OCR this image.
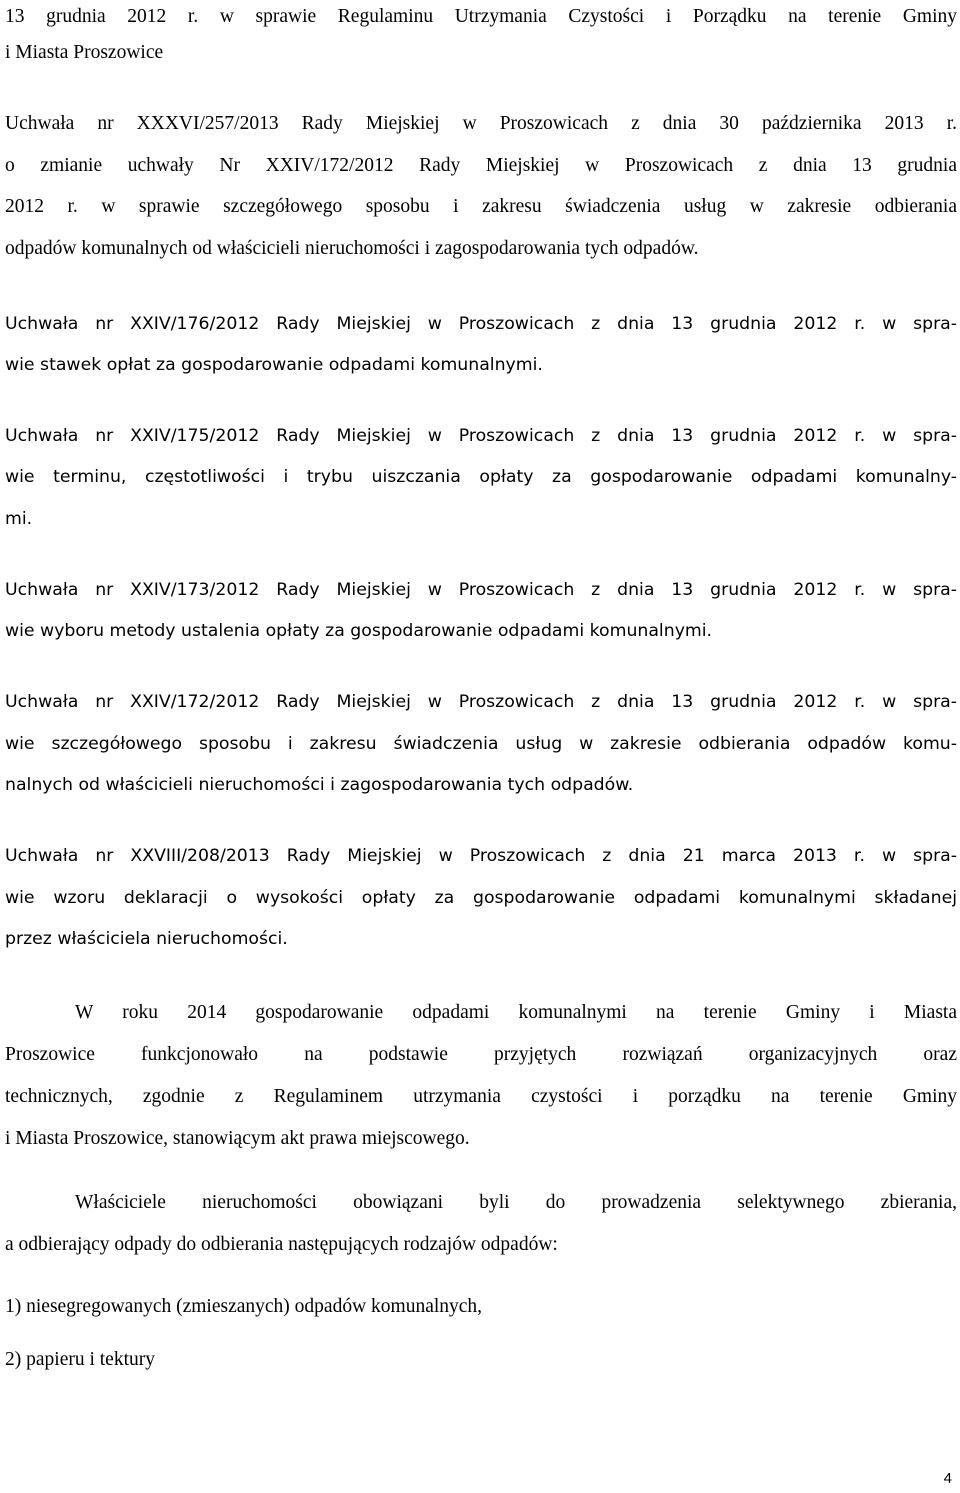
13 grudnia 2012 r. w sprawie Regulaminu Utrzymania Czystości i Porządku na terenie Gminy
i Miasta Proszowice
Uchwała nr XXXVI/257/2013 Rady Miejskiej w Proszowicach z dnia 30 października 2013 r.
o zmianie uchwały Nr XXIV/172/2012 Rady Miejskiej w Proszowicach z dnia 13 grudnia
2012 r. w sprawie szczegółowego sposobu i zakresu świadczenia usług w zakresie odbierania
odpadów komunalnych od właścicieli nieruchomości i zagospodarowania tych odpadów.
Uchwała nr XXIV/176/2012 Rady Miejskiej w Proszowicach z dnia 13 grudnia 2012 r. w spra-
wie stawek opłat za gospodarowanie odpadami komunalnymi.
Uchwała nr XXIV/175/2012 Rady Miejskiej w Proszowicach z dnia 13 grudnia 2012 r. w spra-
wie terminu, częstotliwości i trybu uiszczania opłaty za gospodarowanie odpadami komunalny-
mi.
Uchwała nr XXIV/173/2012 Rady Miejskiej w Proszowicach z dnia 13 grudnia 2012 r. w spra-
wie wyboru metody ustalenia opłaty za gospodarowanie odpadami komunalnymi.
Uchwała nr XXIV/172/2012 Rady Miejskiej w Proszowicach z dnia 13 grudnia 2012 r. w spra-
wie szczegółowego sposobu i zakresu świadczenia usług w zakresie odbierania odpadów komu-
nalnych od właścicieli nieruchomości i zagospodarowania tych odpadów.
Uchwała nr XXVIII/208/2013 Rady Miejskiej w Proszowicach z dnia 21 marca 2013 r. w spra-
wie wzoru deklaracji o wysokości opłaty za gospodarowanie odpadami komunalnymi składanej
przez właściciela nieruchomości.
W roku 2014 gospodarowanie odpadami komunalnymi na terenie Gminy i Miasta
Proszowice funkcjonowało na podstawie przyjętych rozwiązań organizacyjnych oraz
technicznych, zgodnie z Regulaminem utrzymania czystości i porządku na terenie Gminy
i Miasta Proszowice, stanowiącym akt prawa miejscowego.
Właściciele nieruchomości obowiązani byli do prowadzenia selektywnego zbierania,
a odbierający odpady do odbierania następujących rodzajów odpadów:
1) niesegregowanych (zmieszanych) odpadów komunalnych,
2) papieru i tektury
4
